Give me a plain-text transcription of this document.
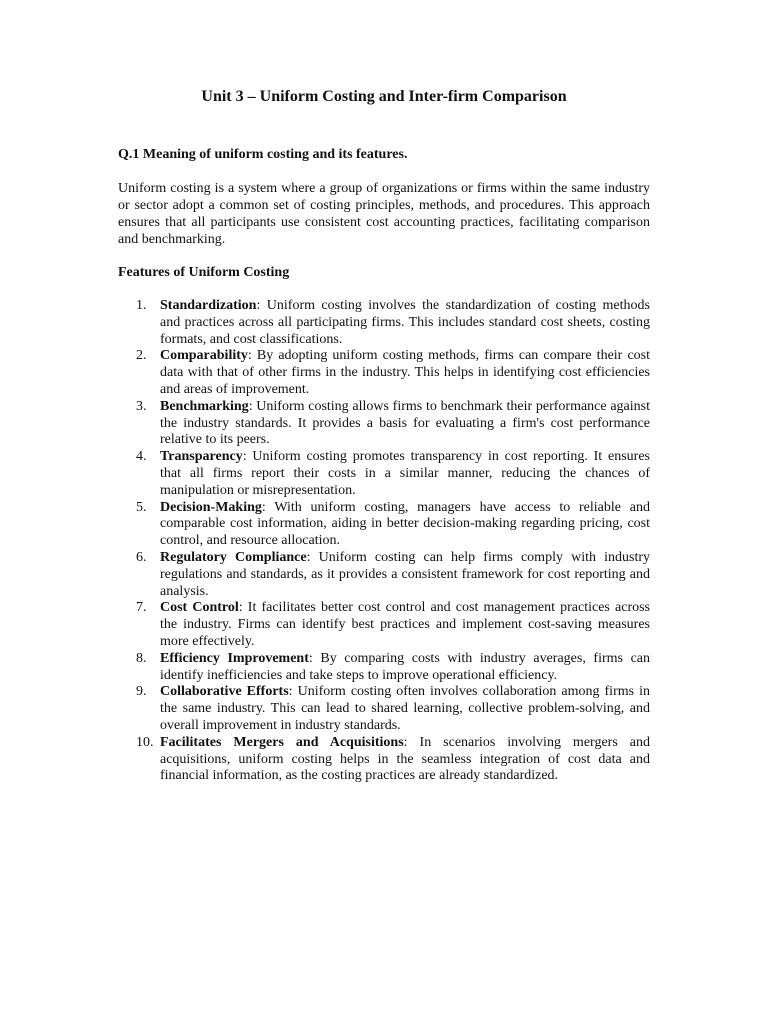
Unit 3 – Uniform Costing and Inter-firm Comparison
Q.1 Meaning of uniform costing and its features.

Uniform costing is a system where a group of organizations or firms within the same industry or sector adopt a common set of costing principles, methods, and procedures. This approach ensures that all participants use consistent cost accounting practices, facilitating comparison and benchmarking.

Features of Uniform Costing
1. Standardization: Uniform costing involves the standardization of costing methods and practices across all participating firms. This includes standard cost sheets, costing formats, and cost classifications.
2. Comparability: By adopting uniform costing methods, firms can compare their cost data with that of other firms in the industry. This helps in identifying cost efficiencies and areas of improvement.
3. Benchmarking: Uniform costing allows firms to benchmark their performance against the industry standards. It provides a basis for evaluating a firm's cost performance relative to its peers.
4. Transparency: Uniform costing promotes transparency in cost reporting. It ensures that all firms report their costs in a similar manner, reducing the chances of manipulation or misrepresentation.
5. Decision-Making: With uniform costing, managers have access to reliable and comparable cost information, aiding in better decision-making regarding pricing, cost control, and resource allocation.
6. Regulatory Compliance: Uniform costing can help firms comply with industry regulations and standards, as it provides a consistent framework for cost reporting and analysis.
7. Cost Control: It facilitates better cost control and cost management practices across the industry. Firms can identify best practices and implement cost-saving measures more effectively.
8. Efficiency Improvement: By comparing costs with industry averages, firms can identify inefficiencies and take steps to improve operational efficiency.
9. Collaborative Efforts: Uniform costing often involves collaboration among firms in the same industry. This can lead to shared learning, collective problem-solving, and overall improvement in industry standards.
10. Facilitates Mergers and Acquisitions: In scenarios involving mergers and acquisitions, uniform costing helps in the seamless integration of cost data and financial information, as the costing practices are already standardized.
